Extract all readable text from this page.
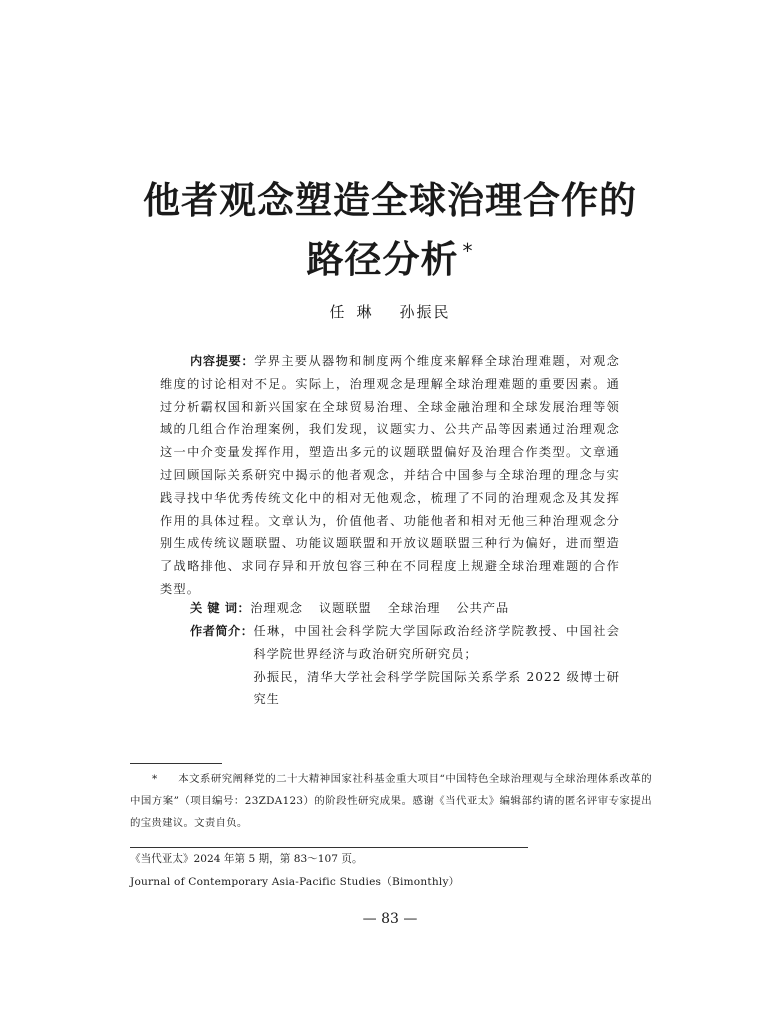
他者观念塑造全球治理合作的
路径分析 *
任 琳 孙振民

内容提要：学界主要从器物和制度两个维度来解释全球治理难题，对观念维度的讨论相对不足。实际上，治理观念是理解全球治理难题的重要因素。通过分析霸权国和新兴国家在全球贸易治理、全球金融治理和全球发展治理等领域的几组合作治理案例，我们发现，议题实力、公共产品等因素通过治理观念这一中介变量发挥作用，塑造出多元的议题联盟偏好及治理合作类型。文章通过回顾国际关系研究中揭示的他者观念，并结合中国参与全球治理的理念与实践寻找中华优秀传统文化中的相对无他观念，梳理了不同的治理观念及其发挥作用的具体过程。文章认为，价值他者、功能他者和相对无他三种治理观念分别生成传统议题联盟、功能议题联盟和开放议题联盟三种行为偏好，进而塑造了战略排他、求同存异和开放包容三种在不同程度上规避全球治理难题的合作类型。

关 键 词：治理观念 议题联盟 全球治理 公共产品
作者简介： 任琳，中国社会科学院大学国际政治经济学院教授、中国社会科学院世界经济与政治研究所研究员；

孙振民，清华大学社会科学学院国际关系学系 2022 级博士研究生

* 本文系研究阐释党的二十大精神国家社科基金重大项目“中国特色全球治理观与全球治理体系改革的中国方案”（项目编号：23ZDA123）的阶段性研究成果。感谢《当代亚太》编辑部约请的匿名评审专家提出的宝贵建议。文责自负。

《当代亚太》2024 年第 5 期，第 83～107 页。

Journal of Contemporary Asia-Pacific Studies（Bimonthly）

— 83 —
